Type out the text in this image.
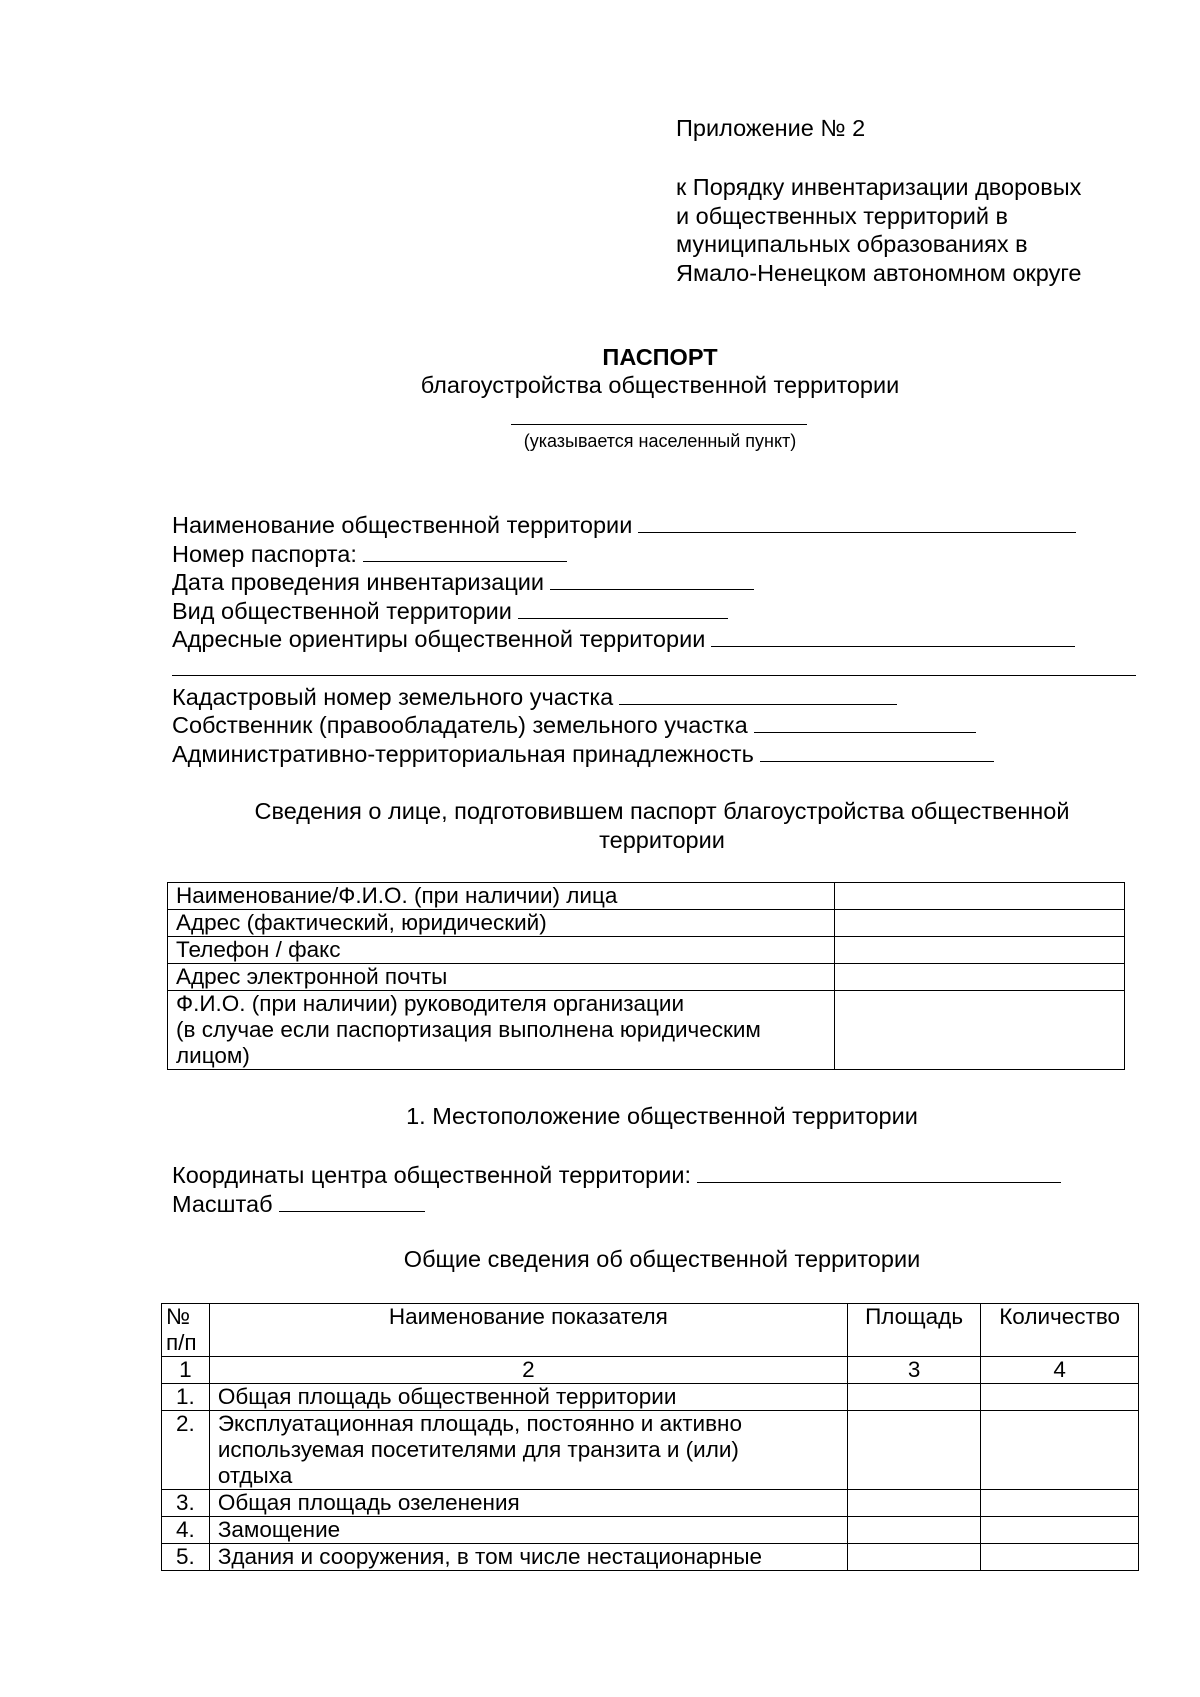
Приложение № 2
к Порядку инвентаризации дворовых
и общественных территорий в
муниципальных образованиях в
Ямало-Ненецком автономном округе
ПАСПОРТ
благоустройства общественной территории
(указывается населенный пункт)
Наименование общественной территории
Номер паспорта:
Дата проведения инвентаризации
Вид общественной территории
Адресные ориентиры общественной территории
Кадастровый номер земельного участка
Собственник (правообладатель) земельного участка
Административно-территориальная принадлежность
Сведения о лице, подготовившем паспорт благоустройства общественной
территории
Наименование/Ф.И.О. (при наличии) лица	
Адрес (фактический, юридический)	
Телефон / факс	
Адрес электронной почты	

Ф.И.О. (при наличии) руководителя организации
(в случае если паспортизация выполнена юридическим
лицом)	

1. Местоположение общественной территории
Координаты центра общественной территории:
Масштаб
Общие сведения об общественной территории
№
п/п	Наименование показателя	Площадь	Количество
1	2	3	4
1.	Общая площадь общественной территории		
2.	Эксплуатационная площадь, постоянно и активно
используемая посетителями для транзита и (или)
отдыха		

3.	Общая площадь озеленения		
4.	Замощение		
5.	Здания и сооружения, в том числе нестационарные		
